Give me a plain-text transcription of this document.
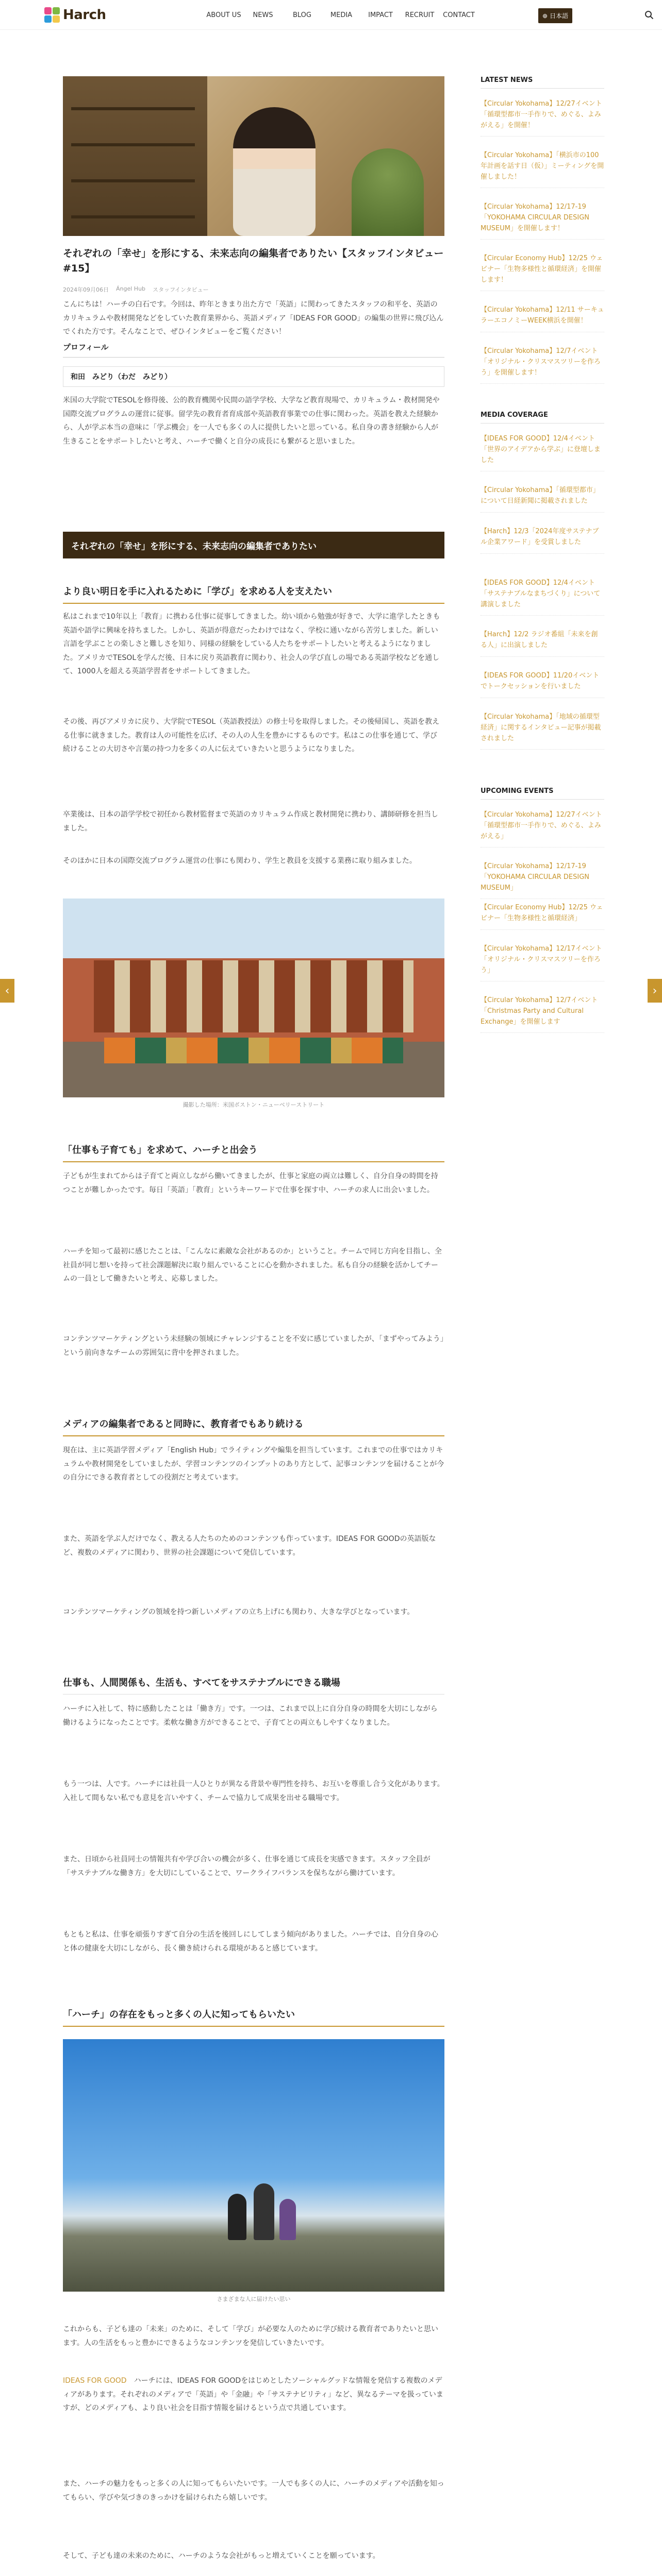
Harch	ABOUT US	NEWS	BLOG	MEDIA	IMPACT	RECRUIT	CONTACT	⊕ 日本語
‹	›
それぞれの「幸せ」を形にする、未来志向の編集者でありたい【スタッフインタビュー#15】
2024年09月06日 Ángel Hub スタッフインタビュー

こんにちは！ハーチの白石です。今回は、昨年ときまり出た方で「英語」に関わってきたスタッフの和平を、英語のカリキュラムや教材開発などをしていた教育業界から、英語メディア「IDEAS FOR GOOD」の編集の世界に飛び込んでくれた方です。そんなことで、ぜひインタビューをご覧ください！

プロフィール
和田　みどり（わだ　みどり）

米国の大学院でTESOLを修得後、公的教育機関や民間の語学学校、大学など教育現場で、カリキュラム・教材開発や国際交流プログラムの運営に従事。留学先の教育者育成部や英語教育事業での仕事に関わった。英語を教えた経験から、人が学ぶ本当の意味に「学ぶ機会」を一人でも多くの人に提供したいと思っている。私自身の書き経験から人が生きることをサポートしたいと考え、ハーチで働くと自分の成長にも繋がると思いました。

それぞれの「幸せ」を形にする、未来志向の編集者でありたい
より良い明日を手に入れるために「学び」を求める人を支えたい

私はこれまで10年以上「教育」に携わる仕事に従事してきました。幼い頃から勉強が好きで、大学に進学したときも英語や語学に興味を持ちました。しかし、英語が得意だったわけではなく、学校に通いながら苦労しました。新しい言語を学ぶことの楽しさと難しさを知り、同様の経験をしている人たちをサポートしたいと考えるようになりました。アメリカでTESOLを学んだ後、日本に戻り英語教育に関わり、社会人の学び直しの場である英語学校などを通して、1000人を超える英語学習者をサポートしてきました。

その後、再びアメリカに戻り、大学院でTESOL（英語教授法）の修士号を取得しました。その後帰国し、英語を教える仕事に就きました。教育は人の可能性を広げ、その人の人生を豊かにするものです。私はこの仕事を通じて、学び続けることの大切さや言葉の持つ力を多くの人に伝えていきたいと思うようになりました。

卒業後は、日本の語学学校で初任から教材監督まで英語のカリキュラム作成と教材開発に携わり、講師研修を担当しました。

そのほかに日本の国際交流プログラム運営の仕事にも関わり、学生と教員を支援する業務に取り組みました。

撮影した場所：米国ボストン・ニューベリーストリート
「仕事も子育ても」を求めて、ハーチと出会う

子どもが生まれてからは子育てと両立しながら働いてきましたが、仕事と家庭の両立は難しく、自分自身の時間を持つことが難しかったです。毎日「英語」「教育」というキーワードで仕事を探す中、ハーチの求人に出会いました。

ハーチを知って最初に感じたことは、「こんなに素敵な会社があるのか」ということ。チームで同じ方向を目指し、全社員が同じ想いを持って社会課題解決に取り組んでいることに心を動かされました。私も自分の経験を活かしてチームの一員として働きたいと考え、応募しました。

コンテンツマーケティングという未経験の領域にチャレンジすることを不安に感じていましたが、「まずやってみよう」という前向きなチームの雰囲気に背中を押されました。

メディアの編集者であると同時に、教育者でもあり続ける

現在は、主に英語学習メディア「English Hub」でライティングや編集を担当しています。これまでの仕事ではカリキュラムや教材開発をしていましたが、学習コンテンツのインプットのあり方として、記事コンテンツを届けることが今の自分にできる教育者としての役割だと考えています。

また、英語を学ぶ人だけでなく、教える人たちのためのコンテンツも作っています。IDEAS FOR GOODの英語版など、複数のメディアに関わり、世界の社会課題について発信しています。

コンテンツマーケティングの領域を持つ新しいメディアの立ち上げにも関わり、大きな学びとなっています。

仕事も、人間関係も、生活も、すべてをサステナブルにできる職場

ハーチに入社して、特に感動したことは「働き方」です。一つは、これまで以上に自分自身の時間を大切にしながら働けるようになったことです。柔軟な働き方ができることで、子育てとの両立もしやすくなりました。

もう一つは、人です。ハーチには社員一人ひとりが異なる背景や専門性を持ち、お互いを尊重し合う文化があります。入社して間もない私でも意見を言いやすく、チームで協力して成果を出せる職場です。

また、日頃から社員同士の情報共有や学び合いの機会が多く、仕事を通じて成長を実感できます。スタッフ全員が「サステナブルな働き方」を大切にしていることで、ワークライフバランスを保ちながら働けています。

もともと私は、仕事を頑張りすぎて自分の生活を後回しにしてしまう傾向がありました。ハーチでは、自分自身の心と体の健康を大切にしながら、長く働き続けられる環境があると感じています。

「ハーチ」の存在をもっと多くの人に知ってもらいたい
さまざまな人に届けたい思い

これからも、子ども達の「未来」のために、そして「学び」が必要な人のために学び続ける教育者でありたいと思います。人の生活をもっと豊かにできるようなコンテンツを発信していきたいです。

IDEAS FOR GOOD　 ハーチには、IDEAS FOR GOODをはじめとしたソーシャルグッドな情報を発信する複数のメディアがあります。それぞれのメディアで「英語」や「金融」や「サステナビリティ」など、異なるテーマを扱っていますが、どのメディアも、より良い社会を目指す情報を届けるという点で共通しています。

また、ハーチの魅力をもっと多くの人に知ってもらいたいです。一人でも多くの人に、ハーチのメディアや活動を知ってもらい、学びや気づきのきっかけを届けられたら嬉しいです。

そして、子ども達の未来のために、ハーチのような会社がもっと増えていくことを願っています。

LATEST NEWS
【Circular Yokohama】12/27イベント「循環型都市一手作りで、めぐる、よみがえる」を開催！
【Circular Yokohama】「横浜市の100年計画を話す日（仮）」ミーティングを開催しました！
【Circular Yokohama】12/17-19「YOKOHAMA CIRCULAR DESIGN MUSEUM」を開催します！
【Circular Economy Hub】12/25 ウェビナー「生物多様性と循環経済」を開催します！
【Circular Yokohama】12/11 サーキュラーエコノミーWEEK横浜を開催！
【Circular Yokohama】12/7イベント「オリジナル・クリスマスツリーを作ろう」を開催します！
MEDIA COVERAGE
【IDEAS FOR GOOD】12/4イベント「世界のアイデアから学ぶ」に登壇しました
【Circular Yokohama】「循環型都市」について日経新聞に掲載されました
【Harch】12/3「2024年度サステナブル企業アワード」を受賞しました
【IDEAS FOR GOOD】12/4イベント「サステナブルなまちづくり」について講演しました
【Harch】12/2 ラジオ番組「未来を創る人」に出演しました
【IDEAS FOR GOOD】11/20イベントでトークセッションを行いました
【Circular Yokohama】「地域の循環型経済」に関するインタビュー記事が掲載されました
UPCOMING EVENTS
【Circular Yokohama】12/27イベント「循環型都市一手作りで、めぐる、よみがえる」
【Circular Yokohama】12/17-19「YOKOHAMA CIRCULAR DESIGN MUSEUM」
【Circular Economy Hub】12/25 ウェビナー「生物多様性と循環経済」
【Circular Yokohama】12/17イベント「オリジナル・クリスマスツリーを作ろう」
【Circular Yokohama】12/7イベント「Christmas Party and Cultural Exchange」を開催します
